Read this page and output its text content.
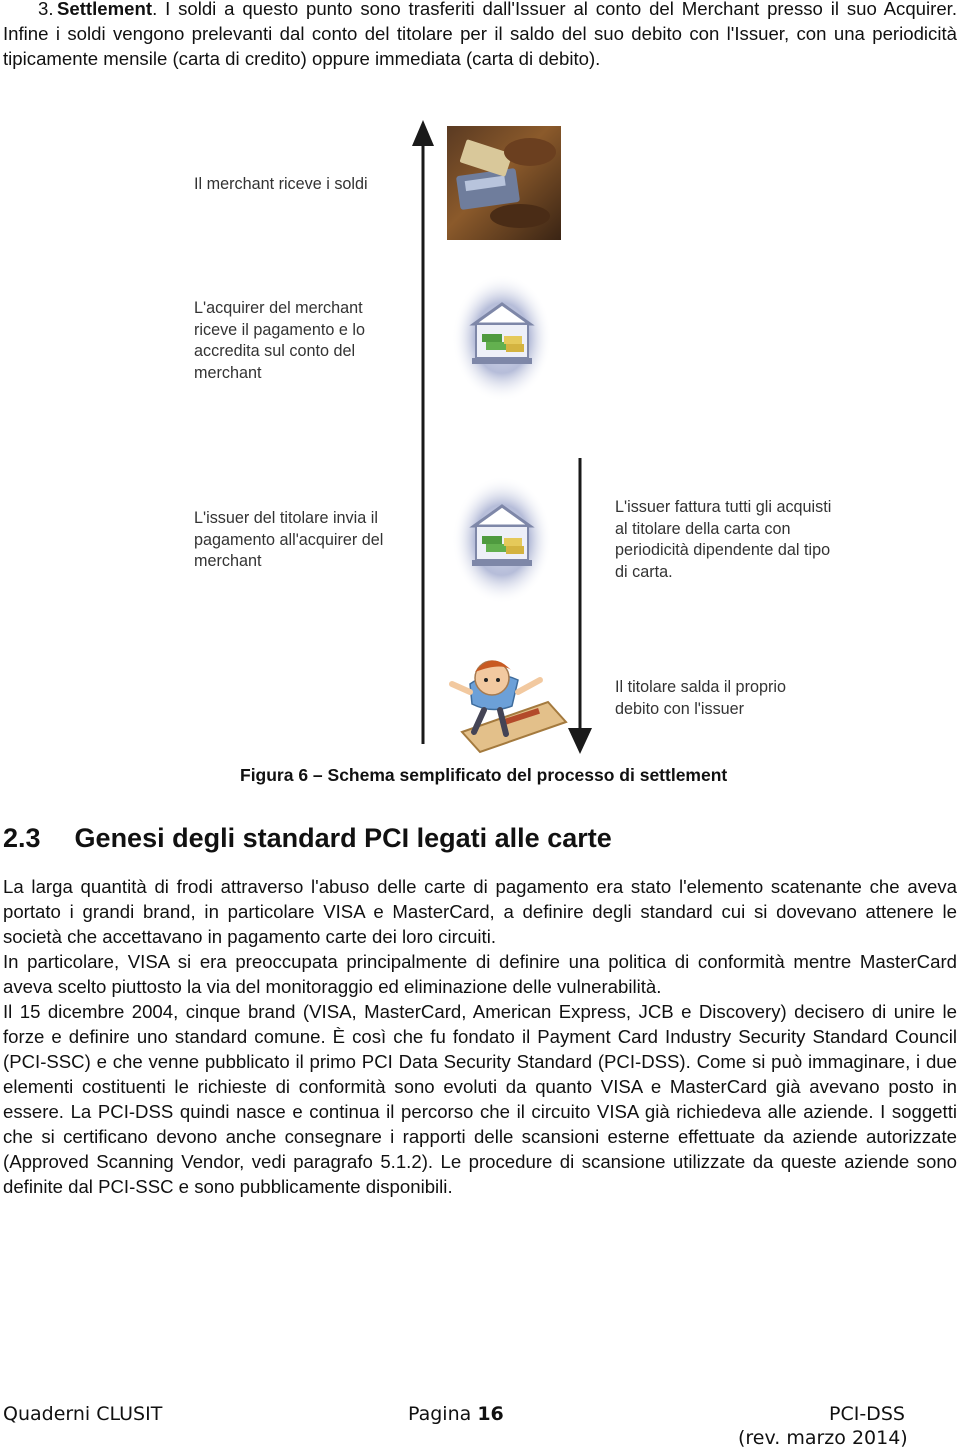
3. Settlement. I soldi a questo punto sono trasferiti dall'Issuer al conto del Merchant presso il suo Acquirer. Infine i soldi vengono prelevanti dal conto del titolare per il saldo del suo debito con l'Issuer, con una periodicità tipicamente mensile (carta di credito) oppure immediata (carta di debito).
Il merchant riceve i soldi
L'acquirer del merchant riceve il pagamento e lo accredita sul conto del merchant
L'issuer del titolare invia il pagamento all'acquirer del merchant
L'issuer fattura tutti gli acquisti al titolare della carta con periodicità dipendente dal tipo di carta.
Il titolare salda il proprio debito con l'issuer
Figura 6 – Schema semplificato del processo di settlement
2.3 Genesi degli standard PCI legati alle carte

La larga quantità di frodi attraverso l'abuso delle carte di pagamento era stato l'elemento scatenante che aveva portato i grandi brand, in particolare VISA e MasterCard, a definire degli standard cui si dovevano attenere le società che accettavano in pagamento carte dei loro circuiti.

In particolare, VISA si era preoccupata principalmente di definire una politica di conformità mentre MasterCard aveva scelto piuttosto la via del monitoraggio ed eliminazione delle vulnerabilità.

Il 15 dicembre 2004, cinque brand (VISA, MasterCard, American Express, JCB e Discovery) decisero di unire le forze e definire uno standard comune. È così che fu fondato il Payment Card Industry Security Standard Council (PCI-SSC) e che venne pubblicato il primo PCI Data Security Standard (PCI-DSS). Come si può immaginare, i due elementi costituenti le richieste di conformità sono evoluti da quanto VISA e MasterCard già avevano posto in essere. La PCI-DSS quindi nasce e continua il percorso che il circuito VISA già richiedeva alle aziende. I soggetti che si certificano devono anche consegnare i rapporti delle scansioni esterne effettuate da aziende autorizzate (Approved Scanning Vendor, vedi paragrafo 5.1.2). Le procedure di scansione utilizzate da queste aziende sono definite dal PCI-SSC e sono pubblicamente disponibili.

Quaderni CLUSIT	Pagina 16	PCI-DSS
(rev. marzo 2014)
